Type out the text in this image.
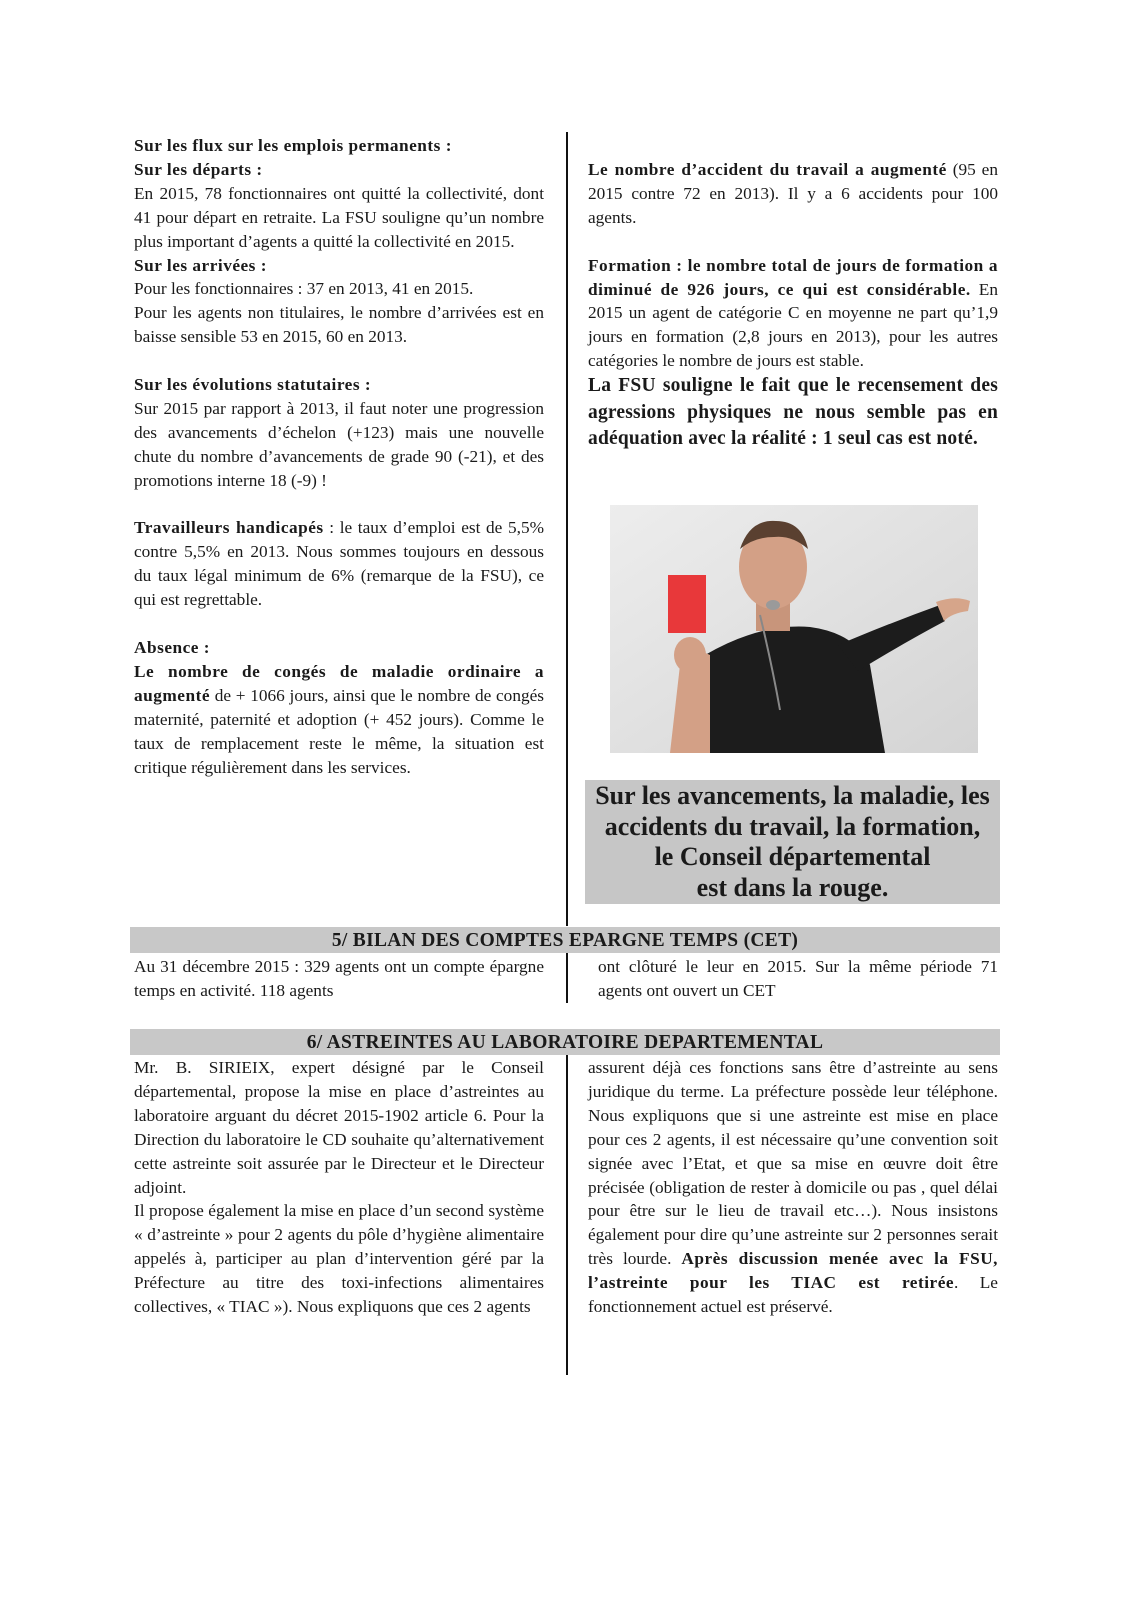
Sur les flux sur les emplois permanents :

Sur les départs :

En 2015, 78 fonctionnaires ont quitté la collectivité, dont 41 pour départ en retraite. La FSU souligne qu’un nombre plus important d’agents a quitté la collectivité en 2015.

Sur les arrivées :

Pour les fonctionnaires : 37 en 2013, 41 en 2015.

Pour les agents non titulaires, le nombre d’arrivées est en baisse sensible 53 en 2015, 60 en 2013.

Sur les évolutions statutaires :

Sur 2015 par rapport à 2013, il faut noter une progression des avancements d’échelon (+123) mais une nouvelle chute du nombre d’avancements de grade 90 (-21), et des promotions interne 18 (-9) !

Travailleurs handicapés : le taux d’emploi est de 5,5% contre 5,5% en 2013. Nous sommes toujours en dessous du taux légal minimum de 6% (remarque de la FSU), ce qui est regrettable.

Absence :

Le nombre de congés de maladie ordinaire a augmenté de + 1066 jours, ainsi que le nombre de congés maternité, paternité et adoption (+ 452 jours). Comme le taux de remplacement reste le même, la situation est critique régulièrement dans les services.

Le nombre d’accident du travail a augmenté (95 en 2015 contre 72 en 2013). Il y a 6 accidents pour 100 agents.

Formation : le nombre total de jours de formation a diminué de 926 jours, ce qui est considérable. En 2015 un agent de catégorie C en moyenne ne part qu’1,9 jours en formation (2,8 jours en 2013), pour les autres catégories le nombre de jours est stable.

La FSU souligne le fait que le recensement des agressions physiques ne nous semble pas en adéquation avec la réalité : 1 seul cas est noté.

Sur les avancements, la maladie, les

accidents du travail, la formation,

le Conseil départemental

est dans la rouge.

5/ BILAN DES COMPTES EPARGNE TEMPS (CET)

Au 31 décembre 2015 : 329 agents ont un compte épargne temps en activité. 118 agents

ont clôturé le leur en 2015. Sur la même période 71 agents ont ouvert un CET

6/ ASTREINTES AU LABORATOIRE DEPARTEMENTAL

Mr. B. SIRIEIX, expert désigné par le Conseil départemental, propose la mise en place d’astreintes au laboratoire arguant du décret 2015-1902 article 6. Pour la Direction du laboratoire le CD souhaite qu’alternativement cette astreinte soit assurée par le Directeur et le Directeur adjoint.

Il propose également la mise en place d’un second système « d’astreinte » pour 2 agents du pôle d’hygiène alimentaire appelés à, participer au plan d’intervention géré par la Préfecture au titre des toxi-infections alimentaires collectives, « TIAC »). Nous expliquons que ces 2 agents

assurent déjà ces fonctions sans être d’astreinte au sens juridique du terme. La préfecture possède leur téléphone. Nous expliquons que si une astreinte est mise en place pour ces 2 agents, il est nécessaire qu’une convention soit signée avec l’Etat, et que sa mise en œuvre doit être précisée (obligation de rester à domicile ou pas , quel délai pour être sur le lieu de travail etc…). Nous insistons également pour dire qu’une astreinte sur 2 personnes serait très lourde. Après discussion menée avec la FSU, l’astreinte pour les TIAC est retirée. Le fonctionnement actuel est préservé.
